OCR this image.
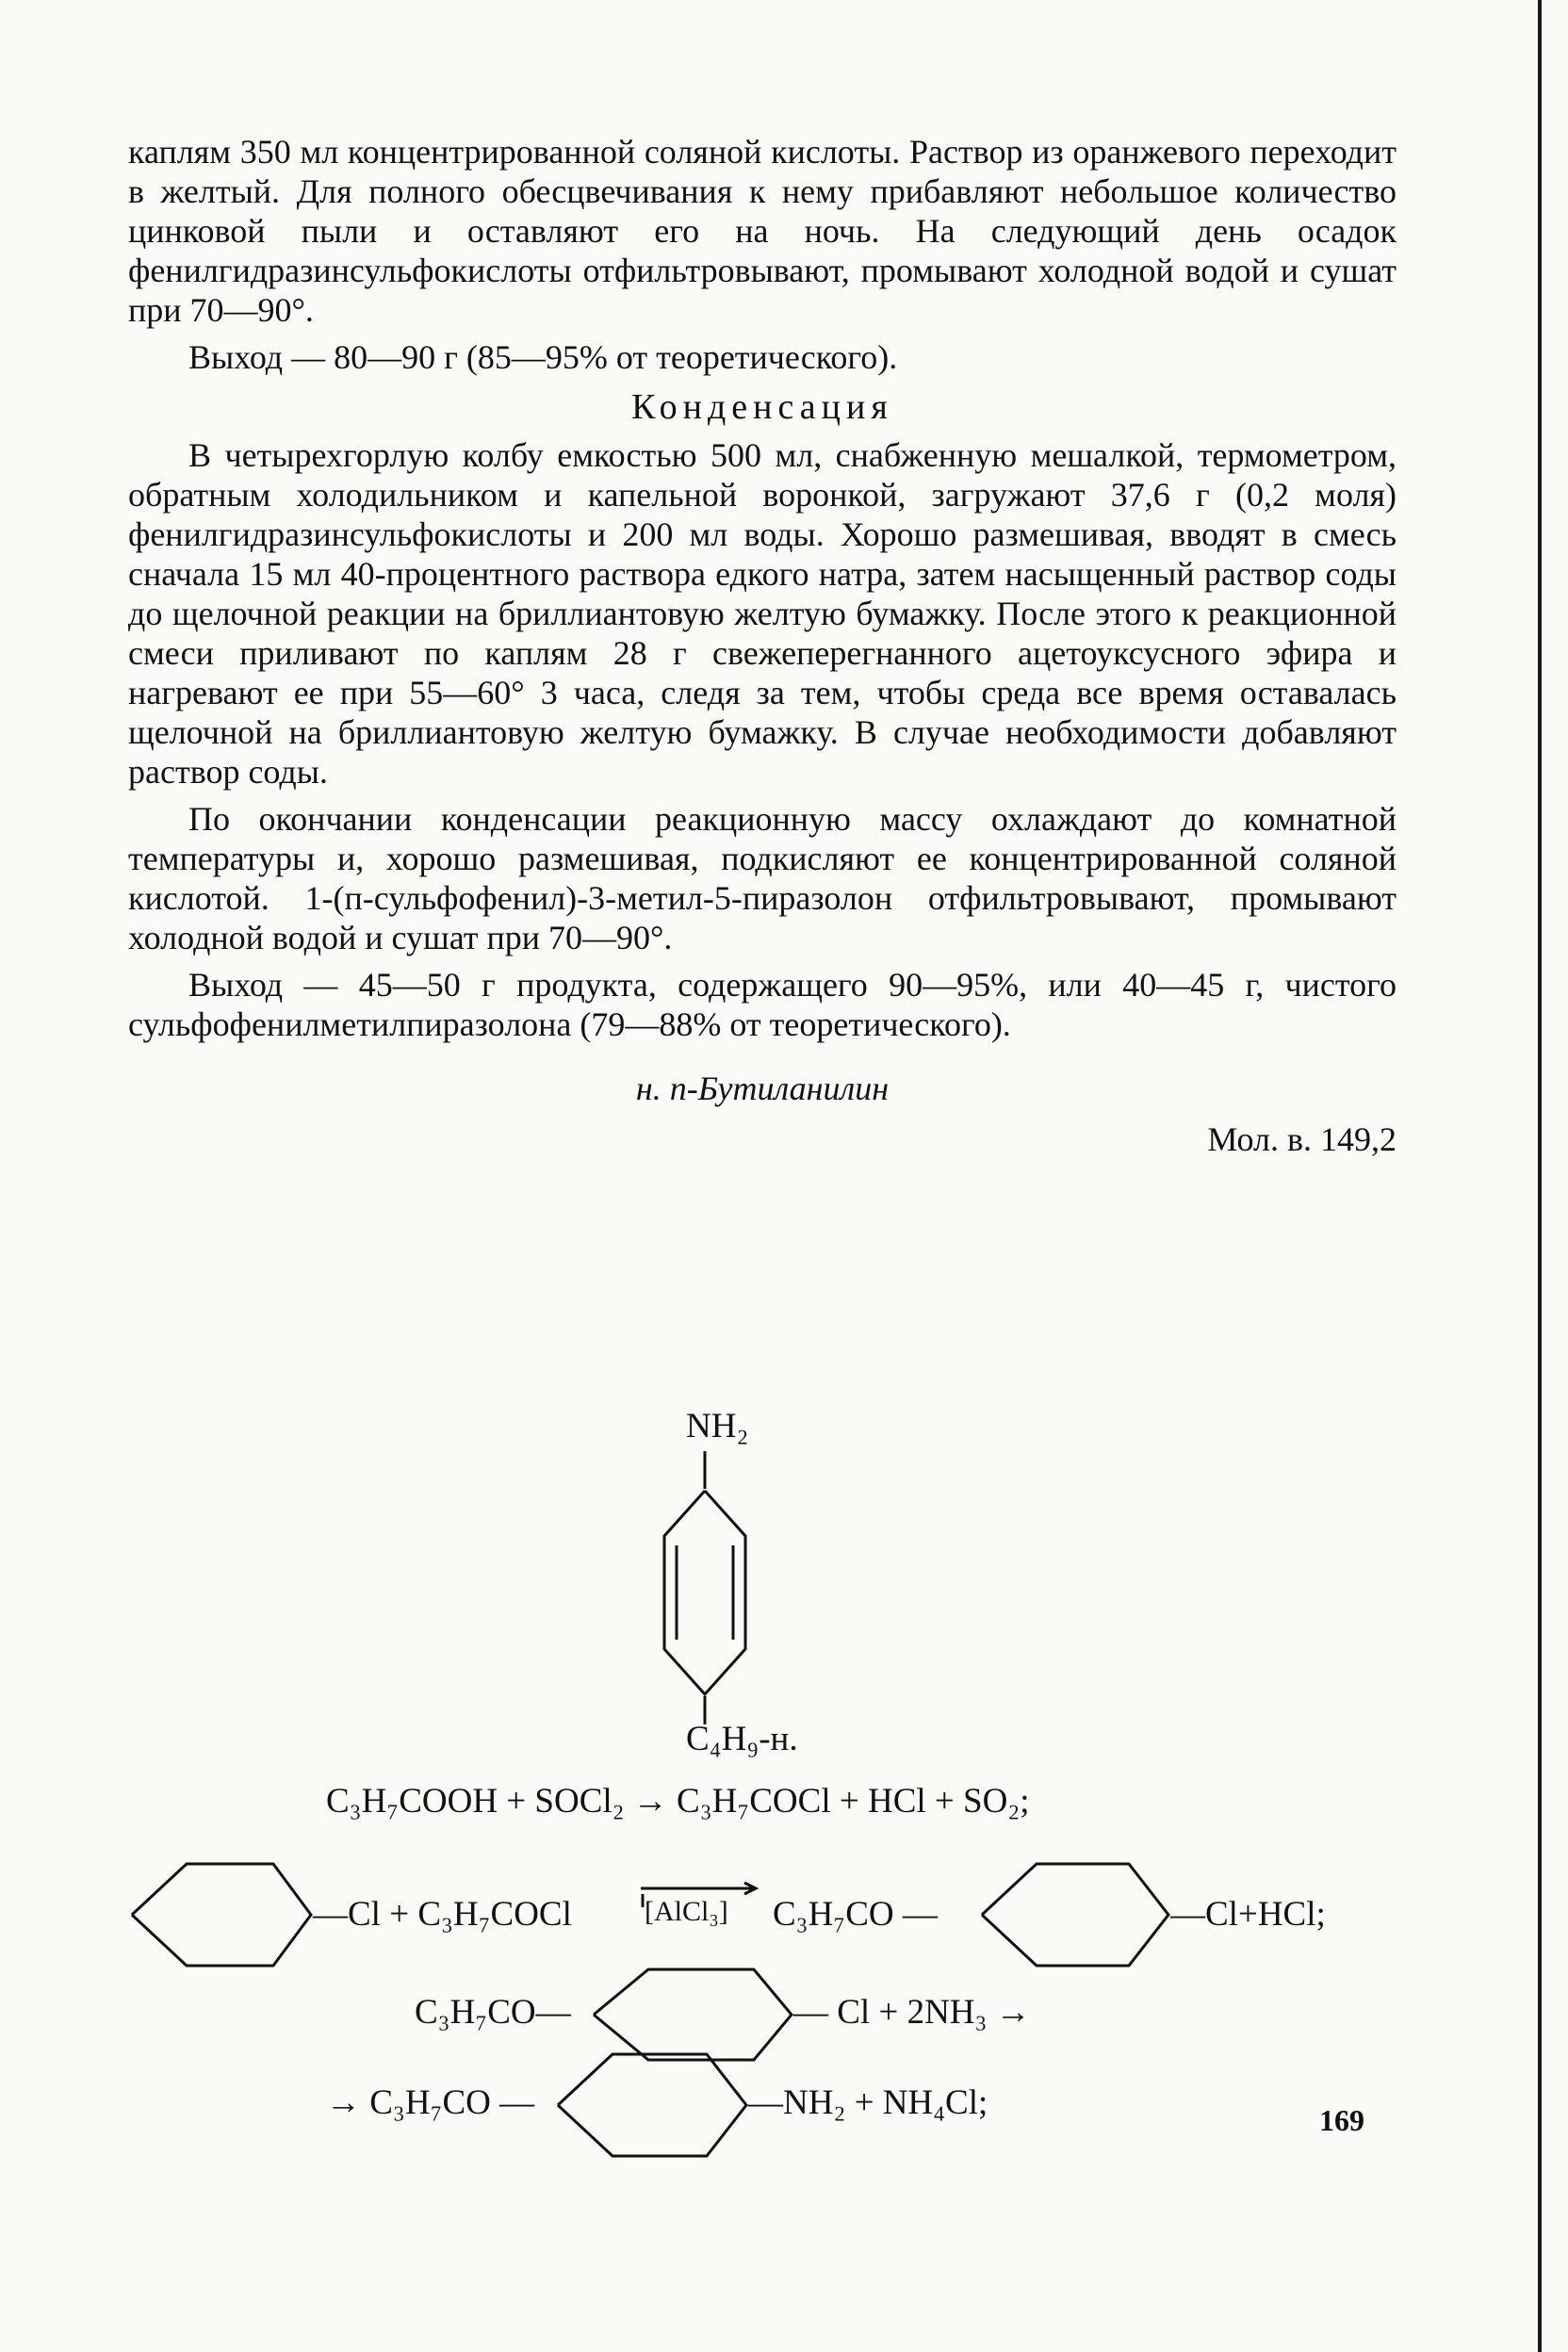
каплям 350 мл концентрированной соляной кислоты. Раствор из оранжевого переходит в желтый. Для полного обесцвечивания к нему прибавляют небольшое количество цинковой пыли и оставляют его на ночь. На следующий день осадок фенилгидразинсульфокислоты отфильтровывают, промывают холодной водой и сушат при 70—90°.

Выход — 80—90 г (85—95% от теоретического).

Конденсация

В четырехгорлую колбу емкостью 500 мл, снабженную мешалкой, термометром, обратным холодильником и капельной воронкой, загружают 37,6 г (0,2 моля) фенилгидразинсульфокислоты и 200 мл воды. Хорошо размешивая, вводят в смесь сначала 15 мл 40-процентного раствора едкого натра, затем насыщенный раствор соды до щелочной реакции на бриллиантовую желтую бумажку. После этого к реакционной смеси приливают по каплям 28 г свежеперегнанного ацетоуксусного эфира и нагревают ее при 55—60° 3 часа, следя за тем, чтобы среда все время оставалась щелочной на бриллиантовую желтую бумажку. В случае необходимости добавляют раствор соды.

По окончании конденсации реакционную массу охлаждают до комнатной температуры и, хорошо размешивая, подкисляют ее концентрированной соляной кислотой. 1-(п-сульфофенил)-3-метил-5-пиразолон отфильтровывают, промывают холодной водой и сушат при 70—90°.

Выход — 45—50 г продукта, содержащего 90—95%, или 40—45 г, чистого сульфофенилметилпиразолона (79—88% от теоретического).

н. п-Бутиланилин
Мол. в. 149,2
NH₂
C₄H₉-н.
C₃H₇COOH + SOCl₂ → C₃H₇COCl + HCl + SO₂;
—Cl + C₃H₇COCl	[AlCl₃] C₃H₇CO —	—Cl+HCl;
C₃H₇CO—	— Cl + 2NH₃ →
→ C₃H₇CO —	—NH₂ + NH₄Cl;	169
